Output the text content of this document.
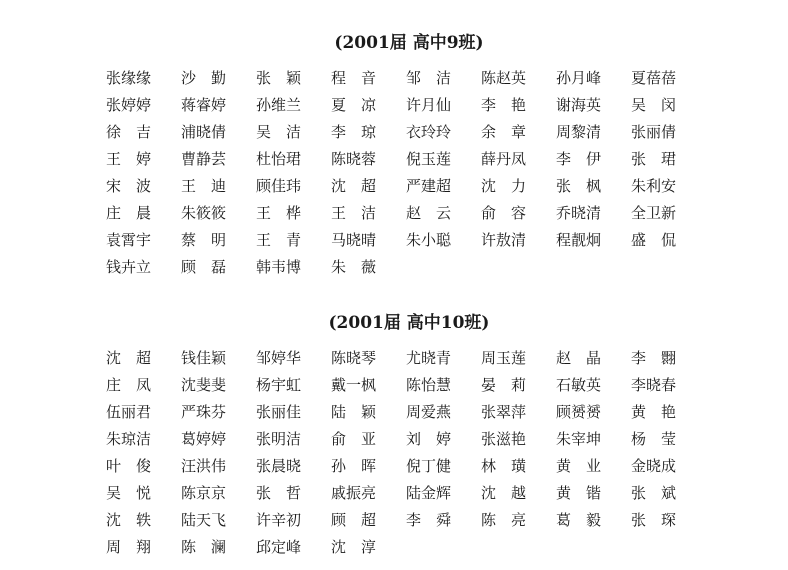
(2001届 高中9班)
张缘缘	沙　勤	张　颖	程　音	邹　洁	陈赵英	孙月峰	夏蓓蓓
张婷婷	蒋睿婷	孙维兰	夏　凉	许月仙	李　艳	谢海英	吴　闵
徐　吉	浦晓倩	吴　洁	李　琼	衣玲玲	余　章	周黎清	张丽倩
王　婷	曹静芸	杜怡珺	陈晓蓉	倪玉莲	薛丹凤	李　伊	张　珺
宋　波	王　迪	顾佳玮	沈　超	严建超	沈　力	张　枫	朱利安
庄　晨	朱筱筱	王　桦	王　洁	赵　云	俞　容	乔晓清	全卫新
袁霄宇	蔡　明	王　青	马晓晴	朱小聪	许敖清	程靓炯	盛　侃
钱卉立	顾　磊	韩韦博	朱　薇
(2001届 高中10班)
沈　超	钱佳颖	邹婷华	陈晓琴	尤晓青	周玉莲	赵　晶	李　翾
庄　凤	沈斐斐	杨宇虹	戴一枫	陈怡慧	晏　莉	石敏英	李晓春
伍丽君	严珠芬	张丽佳	陆　颖	周爱燕	张翠萍	顾赟赟	黄　艳
朱琼洁	葛婷婷	张明洁	俞　亚	刘　婷	张滋艳	朱宰坤	杨　莹
叶　俊	汪洪伟	张晨晓	孙　晖	倪丁健	林　璜	黄　业	金晓成
吴　悦	陈京京	张　哲	戚振亮	陆金辉	沈　越	黄　锴	张　斌
沈　轶	陆天飞	许辛初	顾　超	李　舜	陈　亮	葛　毅	张　琛
周　翔	陈　澜	邱定峰	沈　淳
